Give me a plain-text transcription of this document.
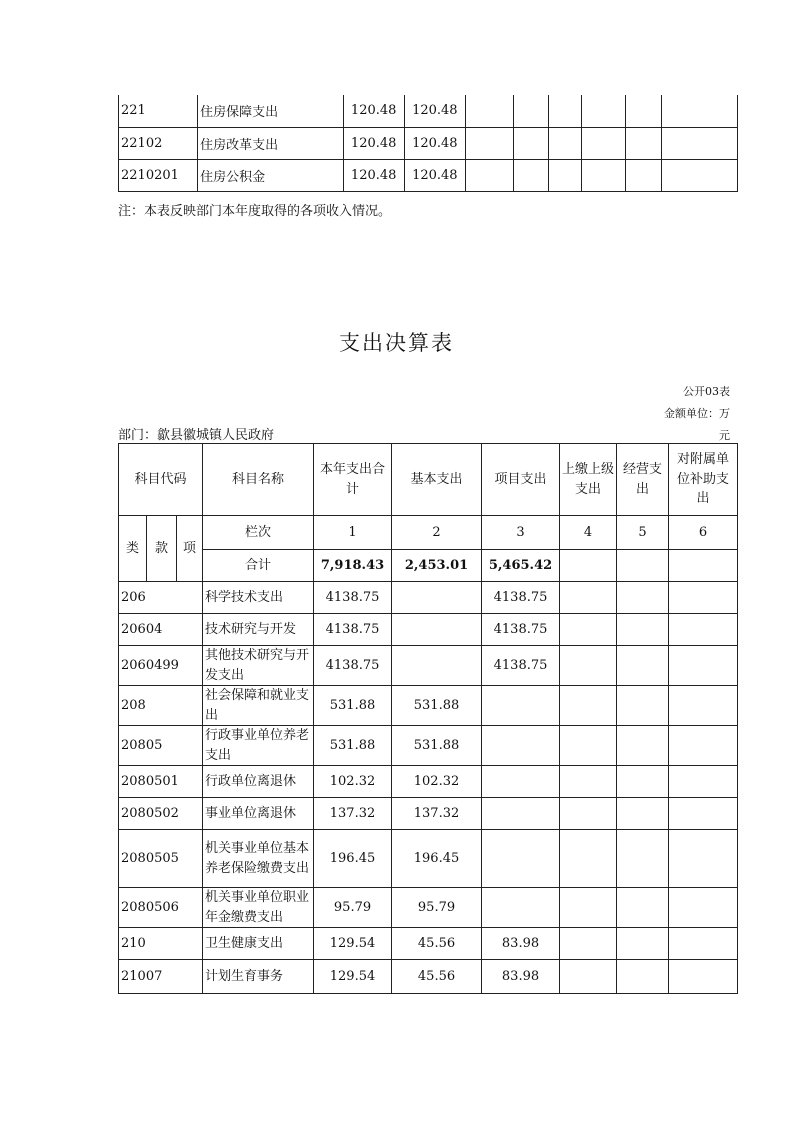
221	住房保障支出	120.48	120.48						
22102	住房改革支出	120.48	120.48						
2210201	住房公积金	120.48	120.48						
注：本表反映部门本年度取得的各项收入情况。
支出决算表
公开03表
金额单位：万
元
部门：歙县徽城镇人民政府
科目代码			科目名称	本年支出合计	基本支出	项目支出	上缴上级支出	经营支出	对附属单位补助支出
类	款	项	栏次	1	2	3	4	5	6
			合计	7,918.43	2,453.01	5,465.42			
206			科学技术支出	4138.75		4138.75			
20604			技术研究与开发	4138.75		4138.75			
2060499			其他技术研究与开发支出	4138.75		4138.75			
208			社会保障和就业支出	531.88	531.88				
20805			行政事业单位养老支出	531.88	531.88				
2080501			行政单位离退休	102.32	102.32				
2080502			事业单位离退休	137.32	137.32				
2080505			机关事业单位基本养老保险缴费支出	196.45	196.45				
2080506			机关事业单位职业年金缴费支出	95.79	95.79				
210			卫生健康支出	129.54	45.56	83.98			
21007			计划生育事务	129.54	45.56	83.98			
